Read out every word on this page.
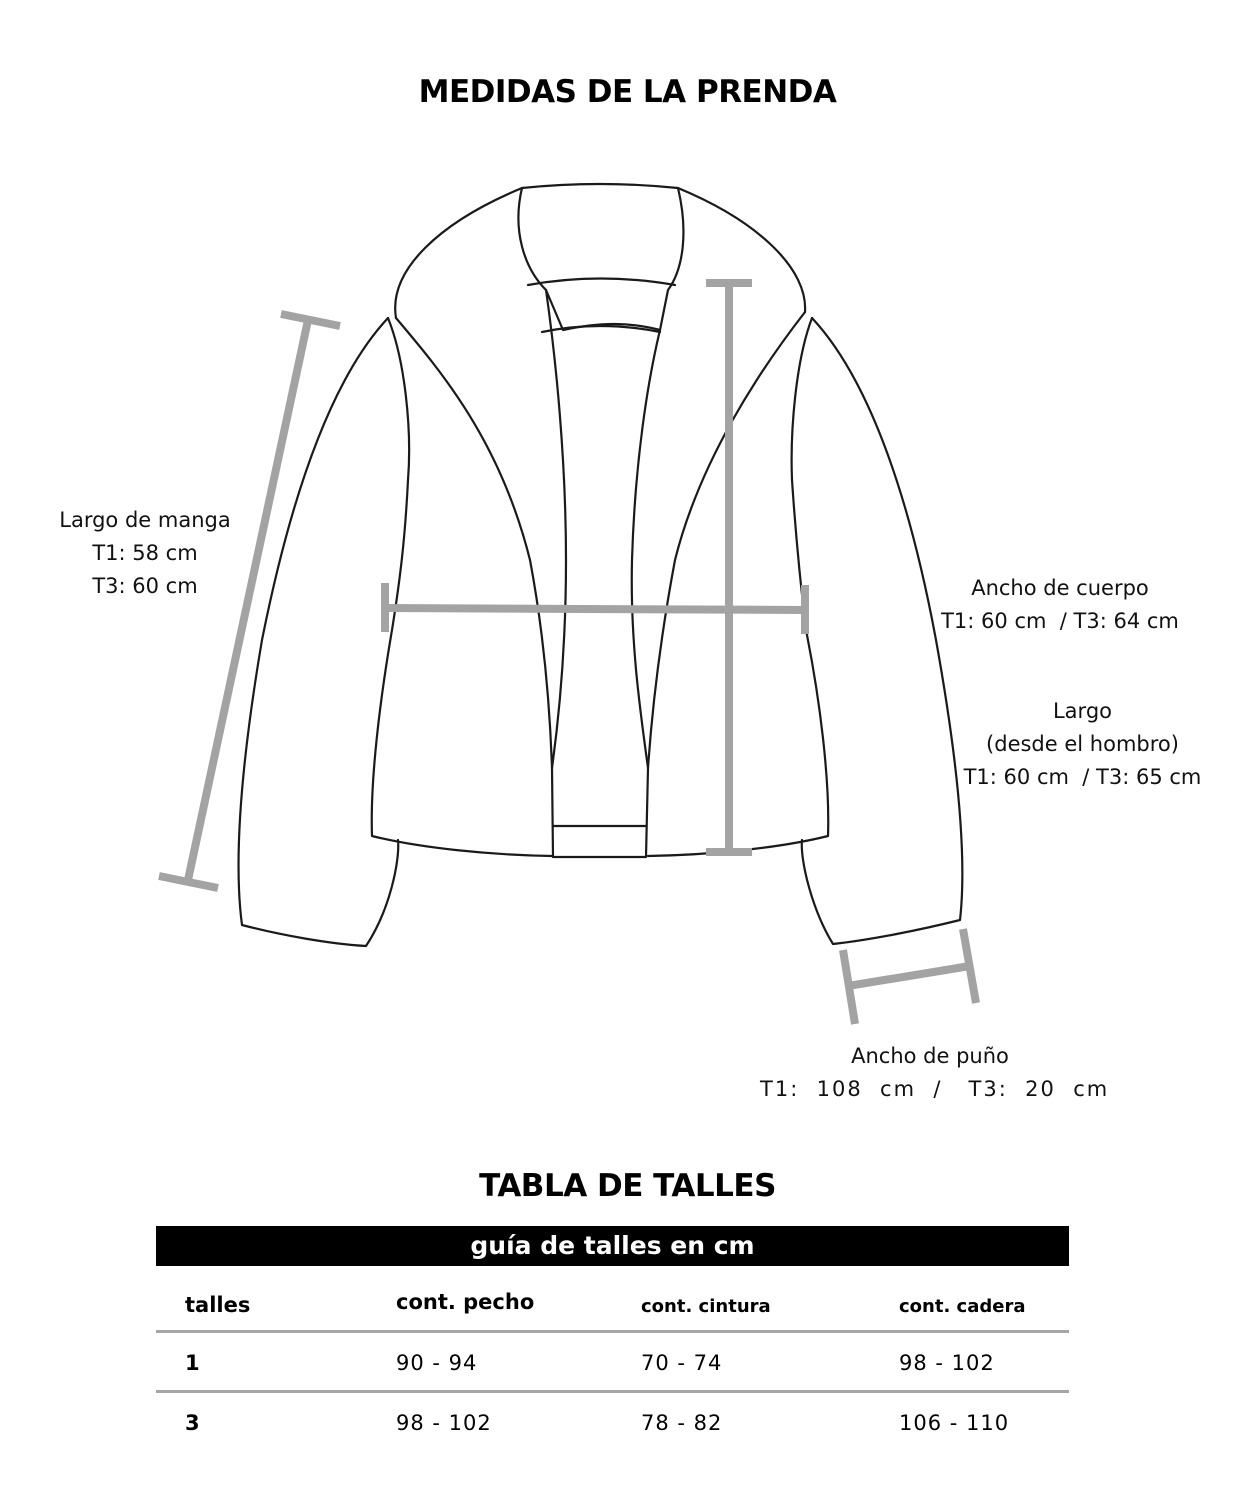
MEDIDAS DE LA PRENDA
Largo de manga
T1: 58 cm
T3: 60 cm	Ancho de cuerpo
T1: 60 cm  / T3: 64 cm
Largo
(desde el hombro)
T1: 60 cm  / T3: 65 cm
Ancho de puño
T1:  108  cm  /   T3:  20  cm
TABLA DE TALLES
guía de talles en cm
talles	cont. pecho	cont. cintura	cont. cadera
1	90 - 94	70 - 74	98 - 102
3	98 - 102	78 - 82	106 - 110
